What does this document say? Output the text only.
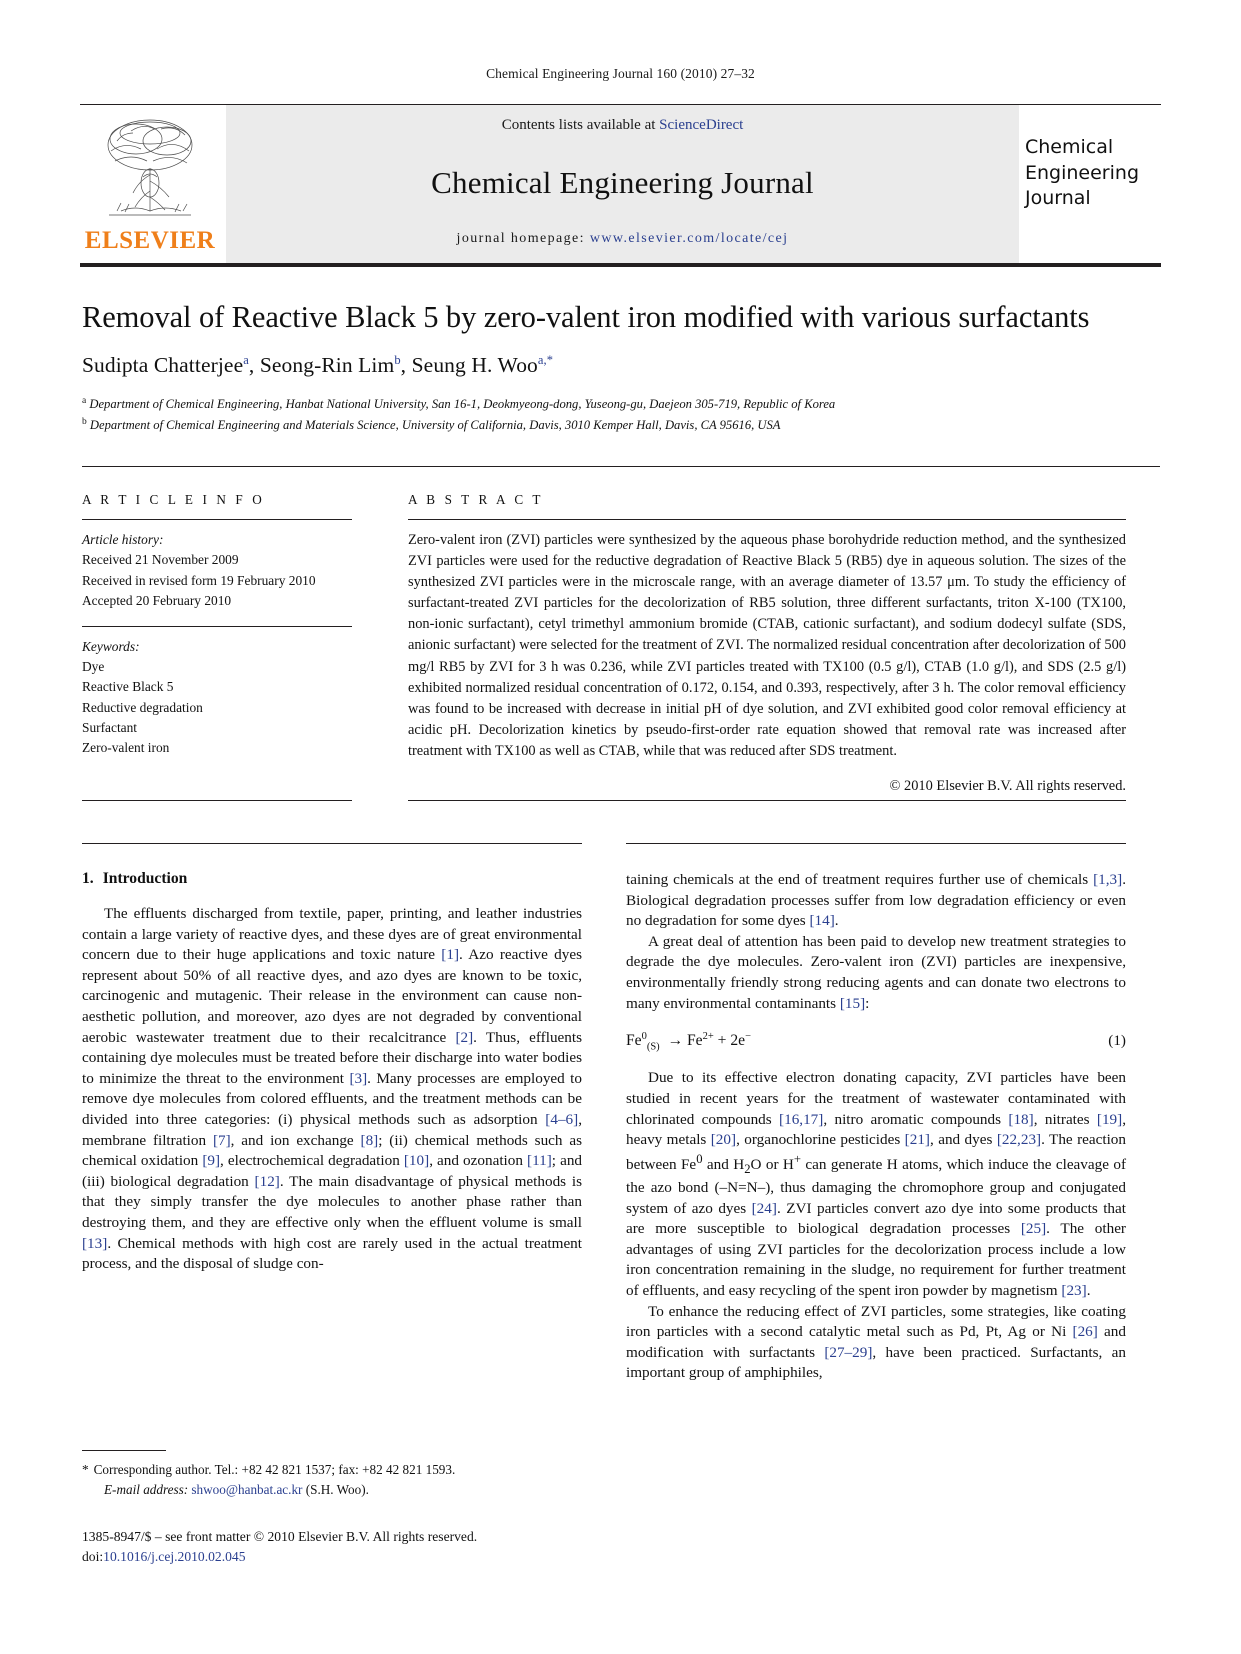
Chemical Engineering Journal 160 (2010) 27–32
ELSEVIER
Contents lists available at ScienceDirect
Chemical Engineering Journal
journal homepage: www.elsevier.com/locate/cej
Chemical
Engineering
Journal
Removal of Reactive Black 5 by zero-valent iron modified with various surfactants
Sudipta Chatterjee$^a$, Seong-Rin Lim$^b$, Seung H. Woo$^{a,*}$
$^a$ Department of Chemical Engineering, Hanbat National University, San 16-1, Deokmyeong-dong, Yuseong-gu, Daejeon 305-719, Republic of Korea
$^b$ Department of Chemical Engineering and Materials Science, University of California, Davis, 3010 Kemper Hall, Davis, CA 95616, USA
A R T I C L E I N F O
Article history:
Received 21 November 2009
Received in revised form 19 February 2010
Accepted 20 February 2010
Keywords:
Dye
Reactive Black 5
Reductive degradation
Surfactant
Zero-valent iron
A B S T R A C T
Zero-valent iron (ZVI) particles were synthesized by the aqueous phase borohydride reduction method, and the synthesized ZVI particles were used for the reductive degradation of Reactive Black 5 (RB5) dye in aqueous solution. The sizes of the synthesized ZVI particles were in the microscale range, with an average diameter of 13.57 μm. To study the efficiency of surfactant-treated ZVI particles for the decolorization of RB5 solution, three different surfactants, triton X-100 (TX100, non-ionic surfactant), cetyl trimethyl ammonium bromide (CTAB, cationic surfactant), and sodium dodecyl sulfate (SDS, anionic surfactant) were selected for the treatment of ZVI. The normalized residual concentration after decolorization of 500 mg/l RB5 by ZVI for 3 h was 0.236, while ZVI particles treated with TX100 (0.5 g/l), CTAB (1.0 g/l), and SDS (2.5 g/l) exhibited normalized residual concentration of 0.172, 0.154, and 0.393, respectively, after 3 h. The color removal efficiency was found to be increased with decrease in initial pH of dye solution, and ZVI exhibited good color removal efficiency at acidic pH. Decolorization kinetics by pseudo-first-order rate equation showed that removal rate was increased after treatment with TX100 as well as CTAB, while that was reduced after SDS treatment.
© 2010 Elsevier B.V. All rights reserved.
1. Introduction

The effluents discharged from textile, paper, printing, and leather industries contain a large variety of reactive dyes, and these dyes are of great environmental concern due to their huge applications and toxic nature [1]. Azo reactive dyes represent about 50% of all reactive dyes, and azo dyes are known to be toxic, carcinogenic and mutagenic. Their release in the environment can cause non-aesthetic pollution, and moreover, azo dyes are not degraded by conventional aerobic wastewater treatment due to their recalcitrance [2]. Thus, effluents containing dye molecules must be treated before their discharge into water bodies to minimize the threat to the environment [3]. Many processes are employed to remove dye molecules from colored effluents, and the treatment methods can be divided into three categories: (i) physical methods such as adsorption [4–6], membrane filtration [7], and ion exchange [8]; (ii) chemical methods such as chemical oxidation [9], electrochemical degradation [10], and ozonation [11]; and (iii) biological degradation [12]. The main disadvantage of physical methods is that they simply transfer the dye molecules to another phase rather than destroying them, and they are effective only when the effluent volume is small [13]. Chemical methods with high cost are rarely used in the actual treatment process, and the disposal of sludge con-

taining chemicals at the end of treatment requires further use of chemicals [1,3]. Biological degradation processes suffer from low degradation efficiency or even no degradation for some dyes [14].

A great deal of attention has been paid to develop new treatment strategies to degrade the dye molecules. Zero-valent iron (ZVI) particles are inexpensive, environmentally friendly strong reducing agents and can donate two electrons to many environmental contaminants [15]:

$Fe^0_{(S)} \to Fe^{2+} + 2e^-$	(1)

Due to its effective electron donating capacity, ZVI particles have been studied in recent years for the treatment of wastewater contaminated with chlorinated compounds [16,17], nitro aromatic compounds [18], nitrates [19], heavy metals [20], organochlorine pesticides [21], and dyes [22,23]. The reaction between Fe$^0$ and $H_2O$ or H+ can generate H atoms, which induce the cleavage of the azo bond (–N=N–), thus damaging the chromophore group and conjugated system of azo dyes [24]. ZVI particles convert azo dye into some products that are more susceptible to biological degradation processes [25]. The other advantages of using ZVI particles for the decolorization process include a low iron concentration remaining in the sludge, no requirement for further treatment of effluents, and easy recycling of the spent iron powder by magnetism [23].

To enhance the reducing effect of ZVI particles, some strategies, like coating iron particles with a second catalytic metal such as Pd, Pt, Ag or Ni [26] and modification with surfactants [27–29], have been practiced. Surfactants, an important group of amphiphiles,

* Corresponding author. Tel.: +82 42 821 1537; fax: +82 42 821 1593.
E-mail address: shwoo@hanbat.ac.kr (S.H. Woo).
1385-8947/$ – see front matter © 2010 Elsevier B.V. All rights reserved.
doi:10.1016/j.cej.2010.02.045
